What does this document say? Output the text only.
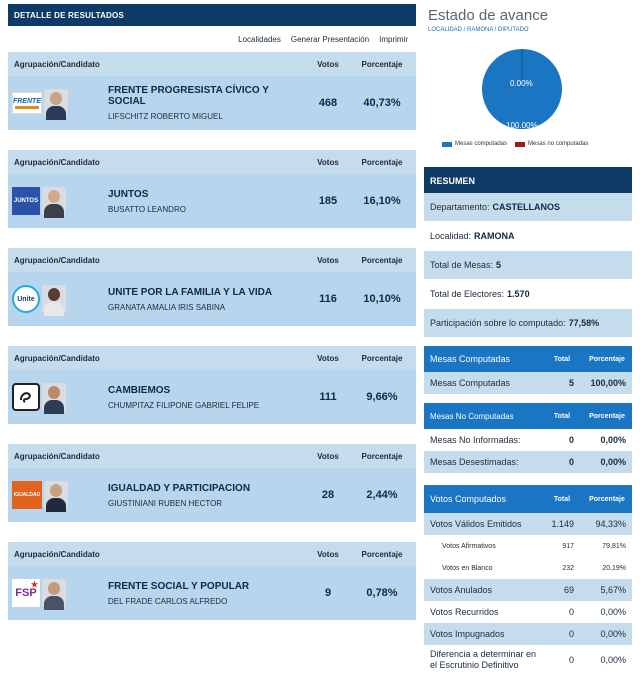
DETALLE DE RESULTADOS
Localidades Generar Presentación Imprimir
Agrupación/Candidato	Votos	Porcentaje
FRENTE
FRENTE PROGRESISTA CÍVICO Y SOCIAL
LIFSCHITZ ROBERTO MIGUEL
468	40,73%
Agrupación/Candidato	Votos	Porcentaje
JUNTOS
JUNTOS
BUSATTO LEANDRO
185	16,10%
Agrupación/Candidato	Votos	Porcentaje
Unite
UNITE POR LA FAMILIA Y LA VIDA
GRANATA AMALIA IRIS SABINA
116	10,10%
Agrupación/Candidato	Votos	Porcentaje
CAMBIEMOS
CHUMPITAZ FILIPONE GABRIEL FELIPE
111	9,66%
Agrupación/Candidato	Votos	Porcentaje
IGUALDAD
IGUALDAD Y PARTICIPACION
GIUSTINIANI RUBEN HECTOR
28	2,44%
Agrupación/Candidato	Votos	Porcentaje
FSP
★	FRENTE SOCIAL Y POPULAR
DEL FRADE CARLOS ALFREDO
9	0,78%
Estado de avance
LOCALIDAD / RAMONA / DIPUTADO
0.00%
100.00%
Mesas computadas	Mesas no computadas
RESUMEN
Departamento: CASTELLANOS
Localidad: RAMONA
Total de Mesas: 5
Total de Electores: 1.570
Participación sobre lo computado: 77,58%
Mesas Computadas	Total	Porcentaje
Mesas Computadas	5	100,00%
Mesas No Computadas	Total	Porcentaje
Mesas No Informadas:	0	0,00%
Mesas Desestimadas:	0	0,00%
Votos Computados	Total	Porcentaje
Votos Válidos Emitidos	1.149	94,33%
Votos Afirmativos	917	79,81%
Votos en Blanco	232	20,19%
Votos Anulados	69	5,67%
Votos Recurridos	0	0,00%
Votos Impugnados	0	0,00%
Diferencia a determinar en el Escrutinio Definitivo	0	0,00%
